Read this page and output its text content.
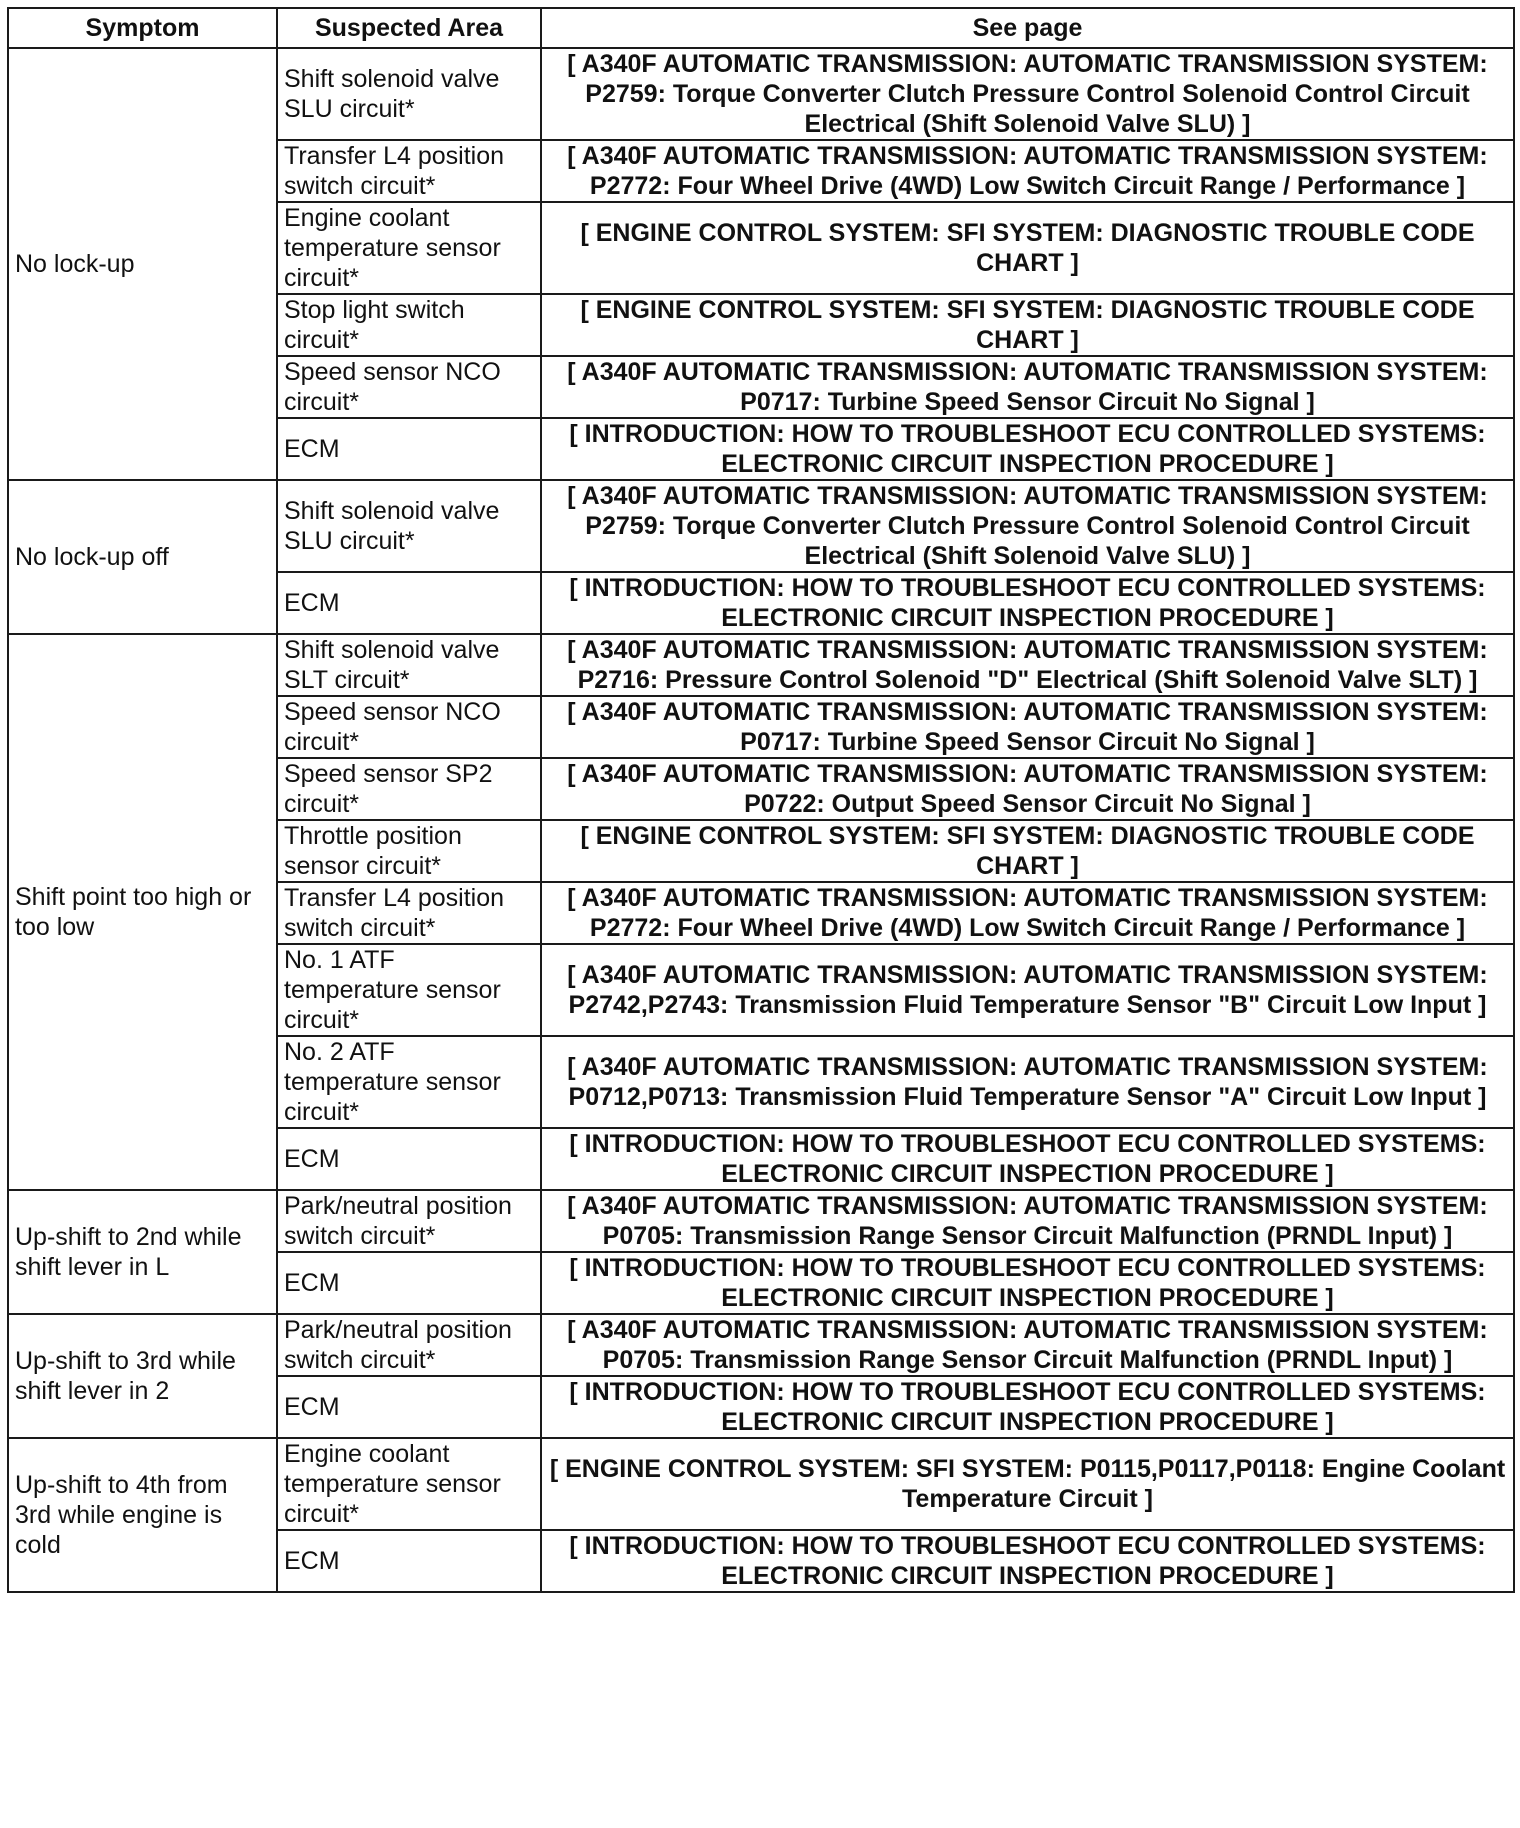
Symptom	Suspected Area	See page
No lock-up	Shift solenoid valve SLU circuit*	[ A340F AUTOMATIC TRANSMISSION: AUTOMATIC TRANSMISSION SYSTEM: P2759: Torque Converter Clutch Pressure Control Solenoid Control Circuit Electrical (Shift Solenoid Valve SLU) ]
	Transfer L4 position switch circuit*	[ A340F AUTOMATIC TRANSMISSION: AUTOMATIC TRANSMISSION SYSTEM: P2772: Four Wheel Drive (4WD) Low Switch Circuit Range / Performance ]
	Engine coolant temperature sensor circuit*	[ ENGINE CONTROL SYSTEM: SFI SYSTEM: DIAGNOSTIC TROUBLE CODE CHART ]
	Stop light switch circuit*	[ ENGINE CONTROL SYSTEM: SFI SYSTEM: DIAGNOSTIC TROUBLE CODE CHART ]
	Speed sensor NCO circuit*	[ A340F AUTOMATIC TRANSMISSION: AUTOMATIC TRANSMISSION SYSTEM: P0717: Turbine Speed Sensor Circuit No Signal ]
	ECM	[ INTRODUCTION: HOW TO TROUBLESHOOT ECU CONTROLLED SYSTEMS: ELECTRONIC CIRCUIT INSPECTION PROCEDURE ]
No lock-up off	Shift solenoid valve SLU circuit*	[ A340F AUTOMATIC TRANSMISSION: AUTOMATIC TRANSMISSION SYSTEM: P2759: Torque Converter Clutch Pressure Control Solenoid Control Circuit Electrical (Shift Solenoid Valve SLU) ]
	ECM	[ INTRODUCTION: HOW TO TROUBLESHOOT ECU CONTROLLED SYSTEMS: ELECTRONIC CIRCUIT INSPECTION PROCEDURE ]
Shift point too high or too low	Shift solenoid valve SLT circuit*	[ A340F AUTOMATIC TRANSMISSION: AUTOMATIC TRANSMISSION SYSTEM: P2716: Pressure Control Solenoid "D" Electrical (Shift Solenoid Valve SLT) ]
	Speed sensor NCO circuit*	[ A340F AUTOMATIC TRANSMISSION: AUTOMATIC TRANSMISSION SYSTEM: P0717: Turbine Speed Sensor Circuit No Signal ]
	Speed sensor SP2 circuit*	[ A340F AUTOMATIC TRANSMISSION: AUTOMATIC TRANSMISSION SYSTEM: P0722: Output Speed Sensor Circuit No Signal ]
	Throttle position sensor circuit*	[ ENGINE CONTROL SYSTEM: SFI SYSTEM: DIAGNOSTIC TROUBLE CODE CHART ]
	Transfer L4 position switch circuit*	[ A340F AUTOMATIC TRANSMISSION: AUTOMATIC TRANSMISSION SYSTEM: P2772: Four Wheel Drive (4WD) Low Switch Circuit Range / Performance ]
	No. 1 ATF temperature sensor circuit*	[ A340F AUTOMATIC TRANSMISSION: AUTOMATIC TRANSMISSION SYSTEM: P2742,P2743: Transmission Fluid Temperature Sensor "B" Circuit Low Input ]
	No. 2 ATF temperature sensor circuit*	[ A340F AUTOMATIC TRANSMISSION: AUTOMATIC TRANSMISSION SYSTEM: P0712,P0713: Transmission Fluid Temperature Sensor "A" Circuit Low Input ]
	ECM	[ INTRODUCTION: HOW TO TROUBLESHOOT ECU CONTROLLED SYSTEMS: ELECTRONIC CIRCUIT INSPECTION PROCEDURE ]
Up-shift to 2nd while shift lever in L	Park/neutral position switch circuit*	[ A340F AUTOMATIC TRANSMISSION: AUTOMATIC TRANSMISSION SYSTEM: P0705: Transmission Range Sensor Circuit Malfunction (PRNDL Input) ]
	ECM	[ INTRODUCTION: HOW TO TROUBLESHOOT ECU CONTROLLED SYSTEMS: ELECTRONIC CIRCUIT INSPECTION PROCEDURE ]
Up-shift to 3rd while shift lever in 2	Park/neutral position switch circuit*	[ A340F AUTOMATIC TRANSMISSION: AUTOMATIC TRANSMISSION SYSTEM: P0705: Transmission Range Sensor Circuit Malfunction (PRNDL Input) ]
	ECM	[ INTRODUCTION: HOW TO TROUBLESHOOT ECU CONTROLLED SYSTEMS: ELECTRONIC CIRCUIT INSPECTION PROCEDURE ]
Up-shift to 4th from 3rd while engine is cold	Engine coolant temperature sensor circuit*	[ ENGINE CONTROL SYSTEM: SFI SYSTEM: P0115,P0117,P0118: Engine Coolant Temperature Circuit ]
	ECM	[ INTRODUCTION: HOW TO TROUBLESHOOT ECU CONTROLLED SYSTEMS: ELECTRONIC CIRCUIT INSPECTION PROCEDURE ]
